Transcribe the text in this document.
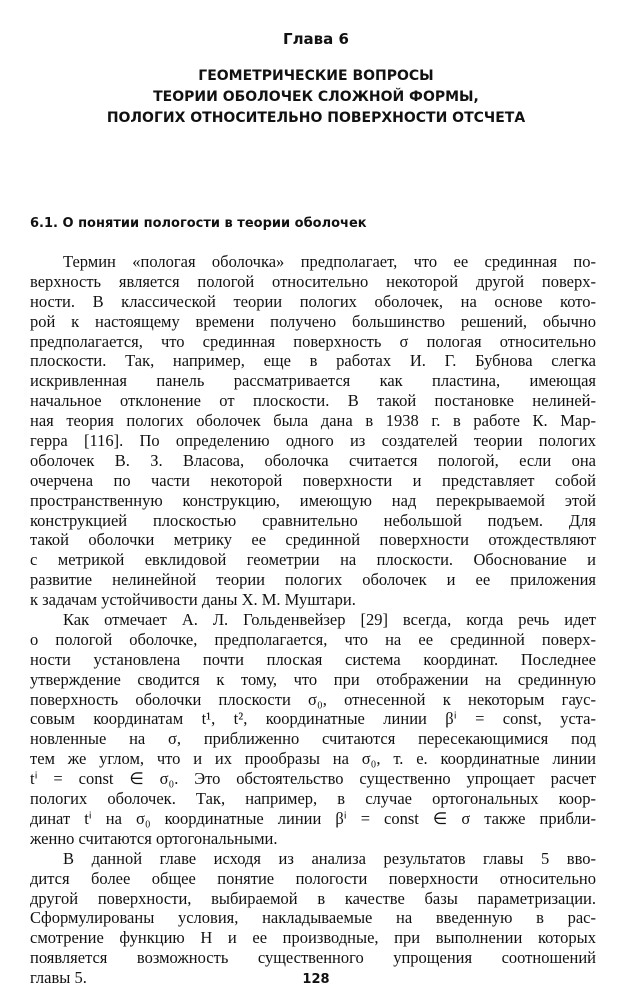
Глава 6
ГЕОМЕТРИЧЕСКИЕ ВОПРОСЫ
ТЕОРИИ ОБОЛОЧЕК СЛОЖНОЙ ФОРМЫ,
ПОЛОГИХ ОТНОСИТЕЛЬНО ПОВЕРХНОСТИ ОТСЧЕТА
6.1. О понятии пологости в теории оболочек
Термин «пологая оболочка» предполагает, что ее срединная по-
верхность является пологой относительно некоторой другой поверх-
ности. В классической теории пологих оболочек, на основе кото-
рой к настоящему времени получено большинство решений, обычно
предполагается, что срединная поверхность σ пологая относительно
плоскости. Так, например, еще в работах И. Г. Бубнова слегка
искривленная панель рассматривается как пластина, имеющая
начальное отклонение от плоскости. В такой постановке нелиней-
ная теория пологих оболочек была дана в 1938 г. в работе К. Мар-
герра [116]. По определению одного из создателей теории пологих
оболочек В. З. Власова, оболочка считается пологой, если она
очерчена по части некоторой поверхности и представляет собой
пространственную конструкцию, имеющую над перекрываемой этой
конструкцией плоскостью сравнительно небольшой подъем. Для
такой оболочки метрику ее срединной поверхности отождествляют
с метрикой евклидовой геометрии на плоскости. Обоснование и
развитие нелинейной теории пологих оболочек и ее приложения
к задачам устойчивости даны Х. М. Муштари.
Как отмечает А. Л. Гольденвейзер [29] всегда, когда речь идет
о пологой оболочке, предполагается, что на ее срединной поверх-
ности установлена почти плоская система координат. Последнее
утверждение сводится к тому, что при отображении на срединную
поверхность оболочки плоскости σ₀, отнесенной к некоторым гаус-
совым координатам t¹, t², координатные линии βⁱ = const, уста-
новленные на σ, приближенно считаются пересекающимися под
тем же углом, что и их прообразы на σ₀, т. е. координатные линии
tⁱ = const ∈ σ₀. Это обстоятельство существенно упрощает расчет
пологих оболочек. Так, например, в случае ортогональных коор-
динат tⁱ на σ₀ координатные линии βⁱ = const ∈ σ также прибли-
женно считаются ортогональными.
В данной главе исходя из анализа результатов главы 5 вво-
дится более общее понятие пологости поверхности относительно
другой поверхности, выбираемой в качестве базы параметризации.
Сформулированы условия, накладываемые на введенную в рас-
смотрение функцию H и ее производные, при выполнении которых
появляется возможность существенного упрощения соотношений
главы 5.	128
